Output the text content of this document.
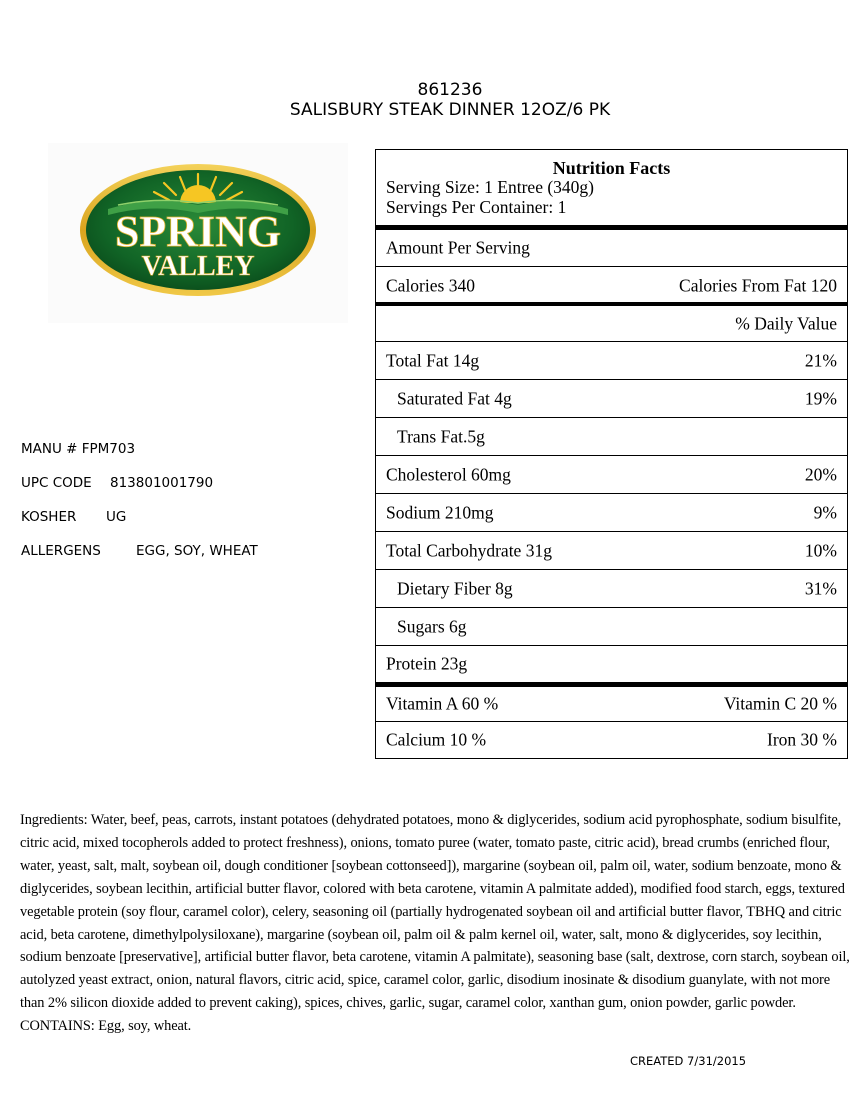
861236
SALISBURY STEAK DINNER 12OZ/6 PK
SPRING
VALLEY
MANU # FPM703
UPC CODE 813801001790
KOSHER UG
ALLERGENS	EGG, SOY, WHEAT
Nutrition Facts
Serving Size: 1 Entree (340g)
Servings Per Container: 1
Amount Per Serving
Calories 340	Calories From Fat 120
% Daily Value
Total Fat 14g	21%
Saturated Fat 4g	19%
Trans Fat.5g
Cholesterol 60mg	20%
Sodium 210mg	9%
Total Carbohydrate 31g	10%
Dietary Fiber 8g	31%
Sugars 6g
Protein 23g
Vitamin A 60 %	Vitamin C 20 %
Calcium 10 %	Iron 30 %
Ingredients: Water, beef, peas, carrots, instant potatoes (dehydrated potatoes, mono & diglycerides, sodium acid pyrophosphate, sodium bisulfite, citric acid, mixed tocopherols added to protect freshness), onions, tomato puree (water, tomato paste, citric acid), bread crumbs (enriched flour, water, yeast, salt, malt, soybean oil, dough conditioner [soybean cottonseed]), margarine (soybean oil, palm oil, water, sodium benzoate, mono & diglycerides, soybean lecithin, artificial butter flavor, colored with beta carotene, vitamin A palmitate added), modified food starch, eggs, textured vegetable protein (soy flour, caramel color), celery, seasoning oil (partially hydrogenated soybean oil and artificial butter flavor, TBHQ and citric acid, beta carotene, dimethylpolysiloxane), margarine (soybean oil, palm oil & palm kernel oil, water, salt, mono & diglycerides, soy lecithin, sodium benzoate [preservative], artificial butter flavor, beta carotene, vitamin A palmitate), seasoning base (salt, dextrose, corn starch, soybean oil, autolyzed yeast extract, onion, natural flavors, citric acid, spice, caramel color, garlic, disodium inosinate & disodium guanylate, with not more than 2% silicon dioxide added to prevent caking), spices, chives, garlic, sugar, caramel color, xanthan gum, onion powder, garlic powder. CONTAINS: Egg, soy, wheat.
CREATED 7/31/2015
